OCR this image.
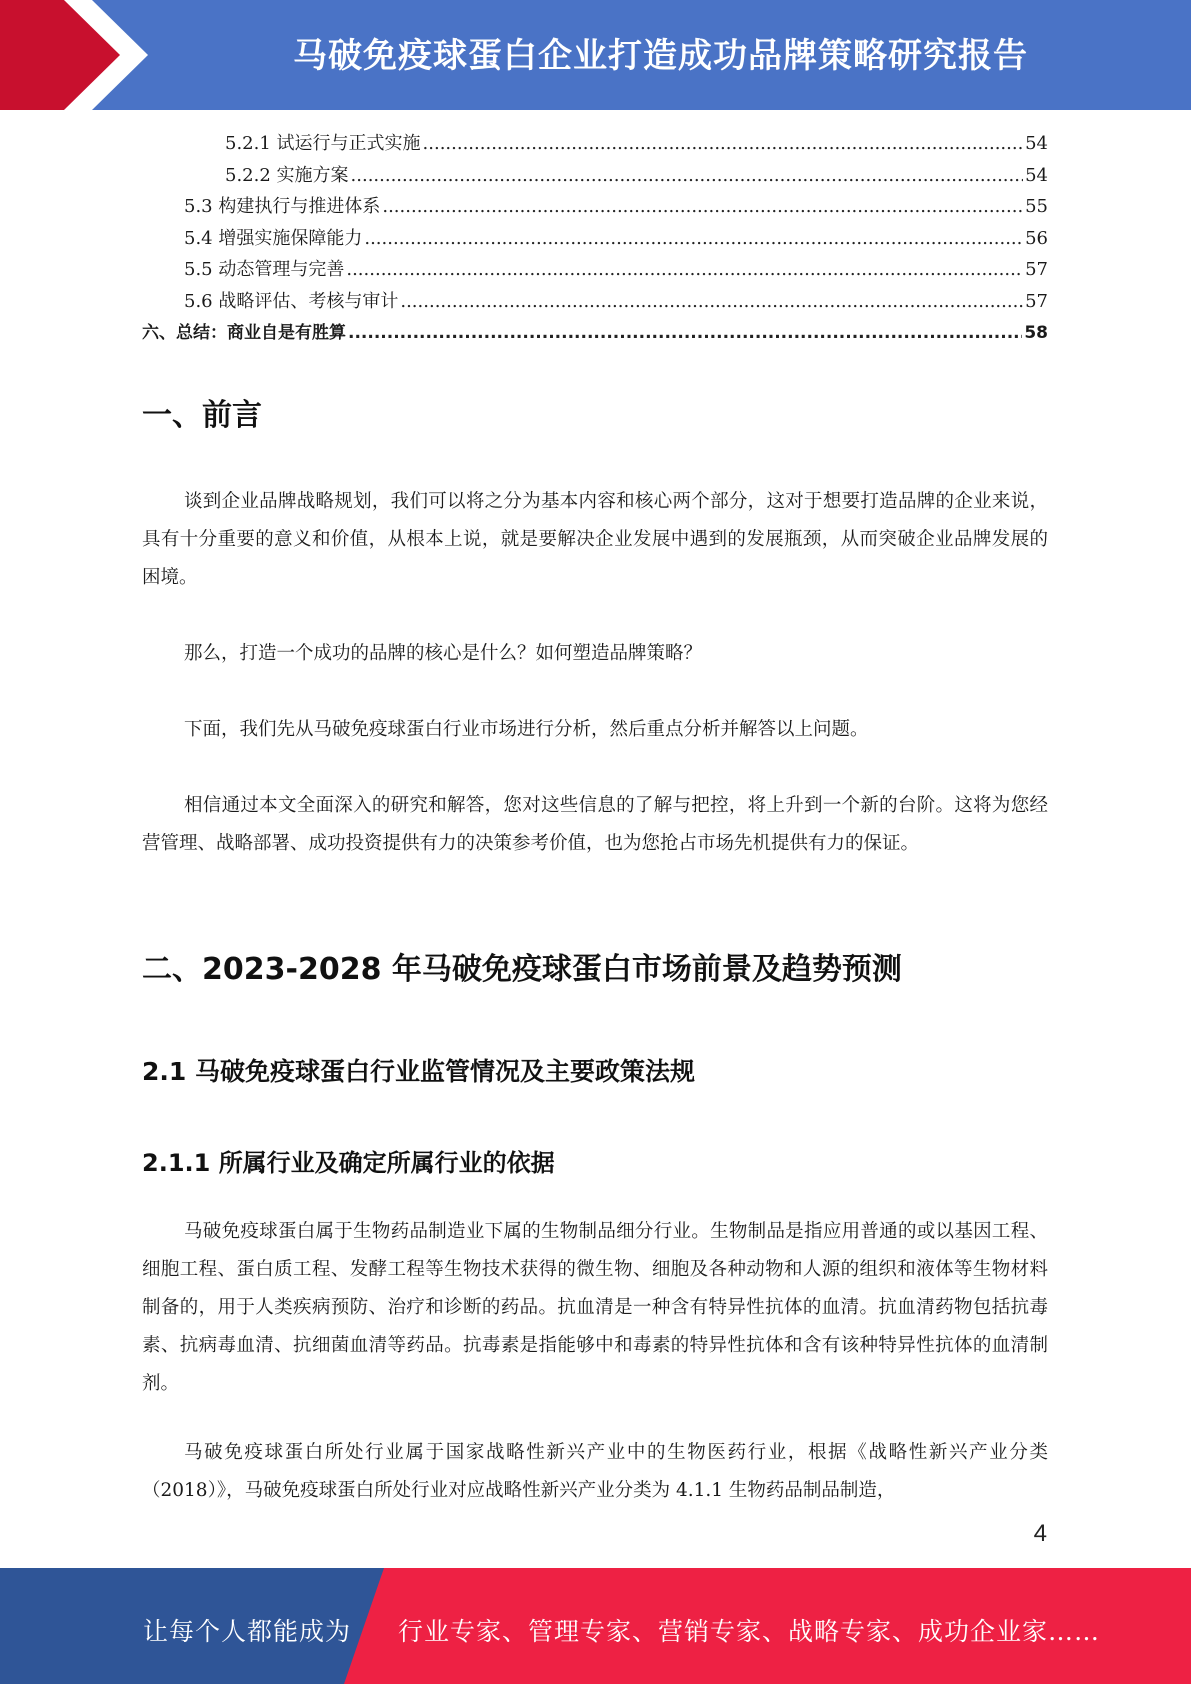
马破免疫球蛋白企业打造成功品牌策略研究报告
5.2.1 试运行与正式实施 .....	54
5.2.2 实施方案 .....	54
5.3 构建执行与推进体系 .....	55
5.4 增强实施保障能力 .....	56
5.5 动态管理与完善 .....	57
5.6 战略评估、考核与审计 .....	57
六、总结：商业自是有胜算 .....	58
一、前言

谈到企业品牌战略规划，我们可以将之分为基本内容和核心两个部分，这对于想要打造品牌的企业来说，具有十分重要的意义和价值，从根本上说，就是要解决企业发展中遇到的发展瓶颈，从而突破企业品牌发展的困境。

那么，打造一个成功的品牌的核心是什么？如何塑造品牌策略？

下面，我们先从马破免疫球蛋白行业市场进行分析，然后重点分析并解答以上问题。

相信通过本文全面深入的研究和解答，您对这些信息的了解与把控，将上升到一个新的台阶。这将为您经营管理、战略部署、成功投资提供有力的决策参考价值，也为您抢占市场先机提供有力的保证。

二、2023-2028 年马破免疫球蛋白市场前景及趋势预测
2.1 马破免疫球蛋白行业监管情况及主要政策法规
2.1.1 所属行业及确定所属行业的依据

马破免疫球蛋白属于生物药品制造业下属的生物制品细分行业。生物制品是指应用普通的或以基因工程、细胞工程、蛋白质工程、发酵工程等生物技术获得的微生物、细胞及各种动物和人源的组织和液体等生物材料制备的，用于人类疾病预防、治疗和诊断的药品。抗血清是一种含有特异性抗体的血清。抗血清药物包括抗毒素、抗病毒血清、抗细菌血清等药品。抗毒素是指能够中和毒素的特异性抗体和含有该种特异性抗体的血清制剂。

马破免疫球蛋白所处行业属于国家战略性新兴产业中的生物医药行业，根据《战略性新兴产业分类（2018）》，马破免疫球蛋白所处行业对应战略性新兴产业分类为 4.1.1 生物药品制品制造，

4
让每个人都能成为 行业专家、管理专家、营销专家、战略专家、成功企业家……
